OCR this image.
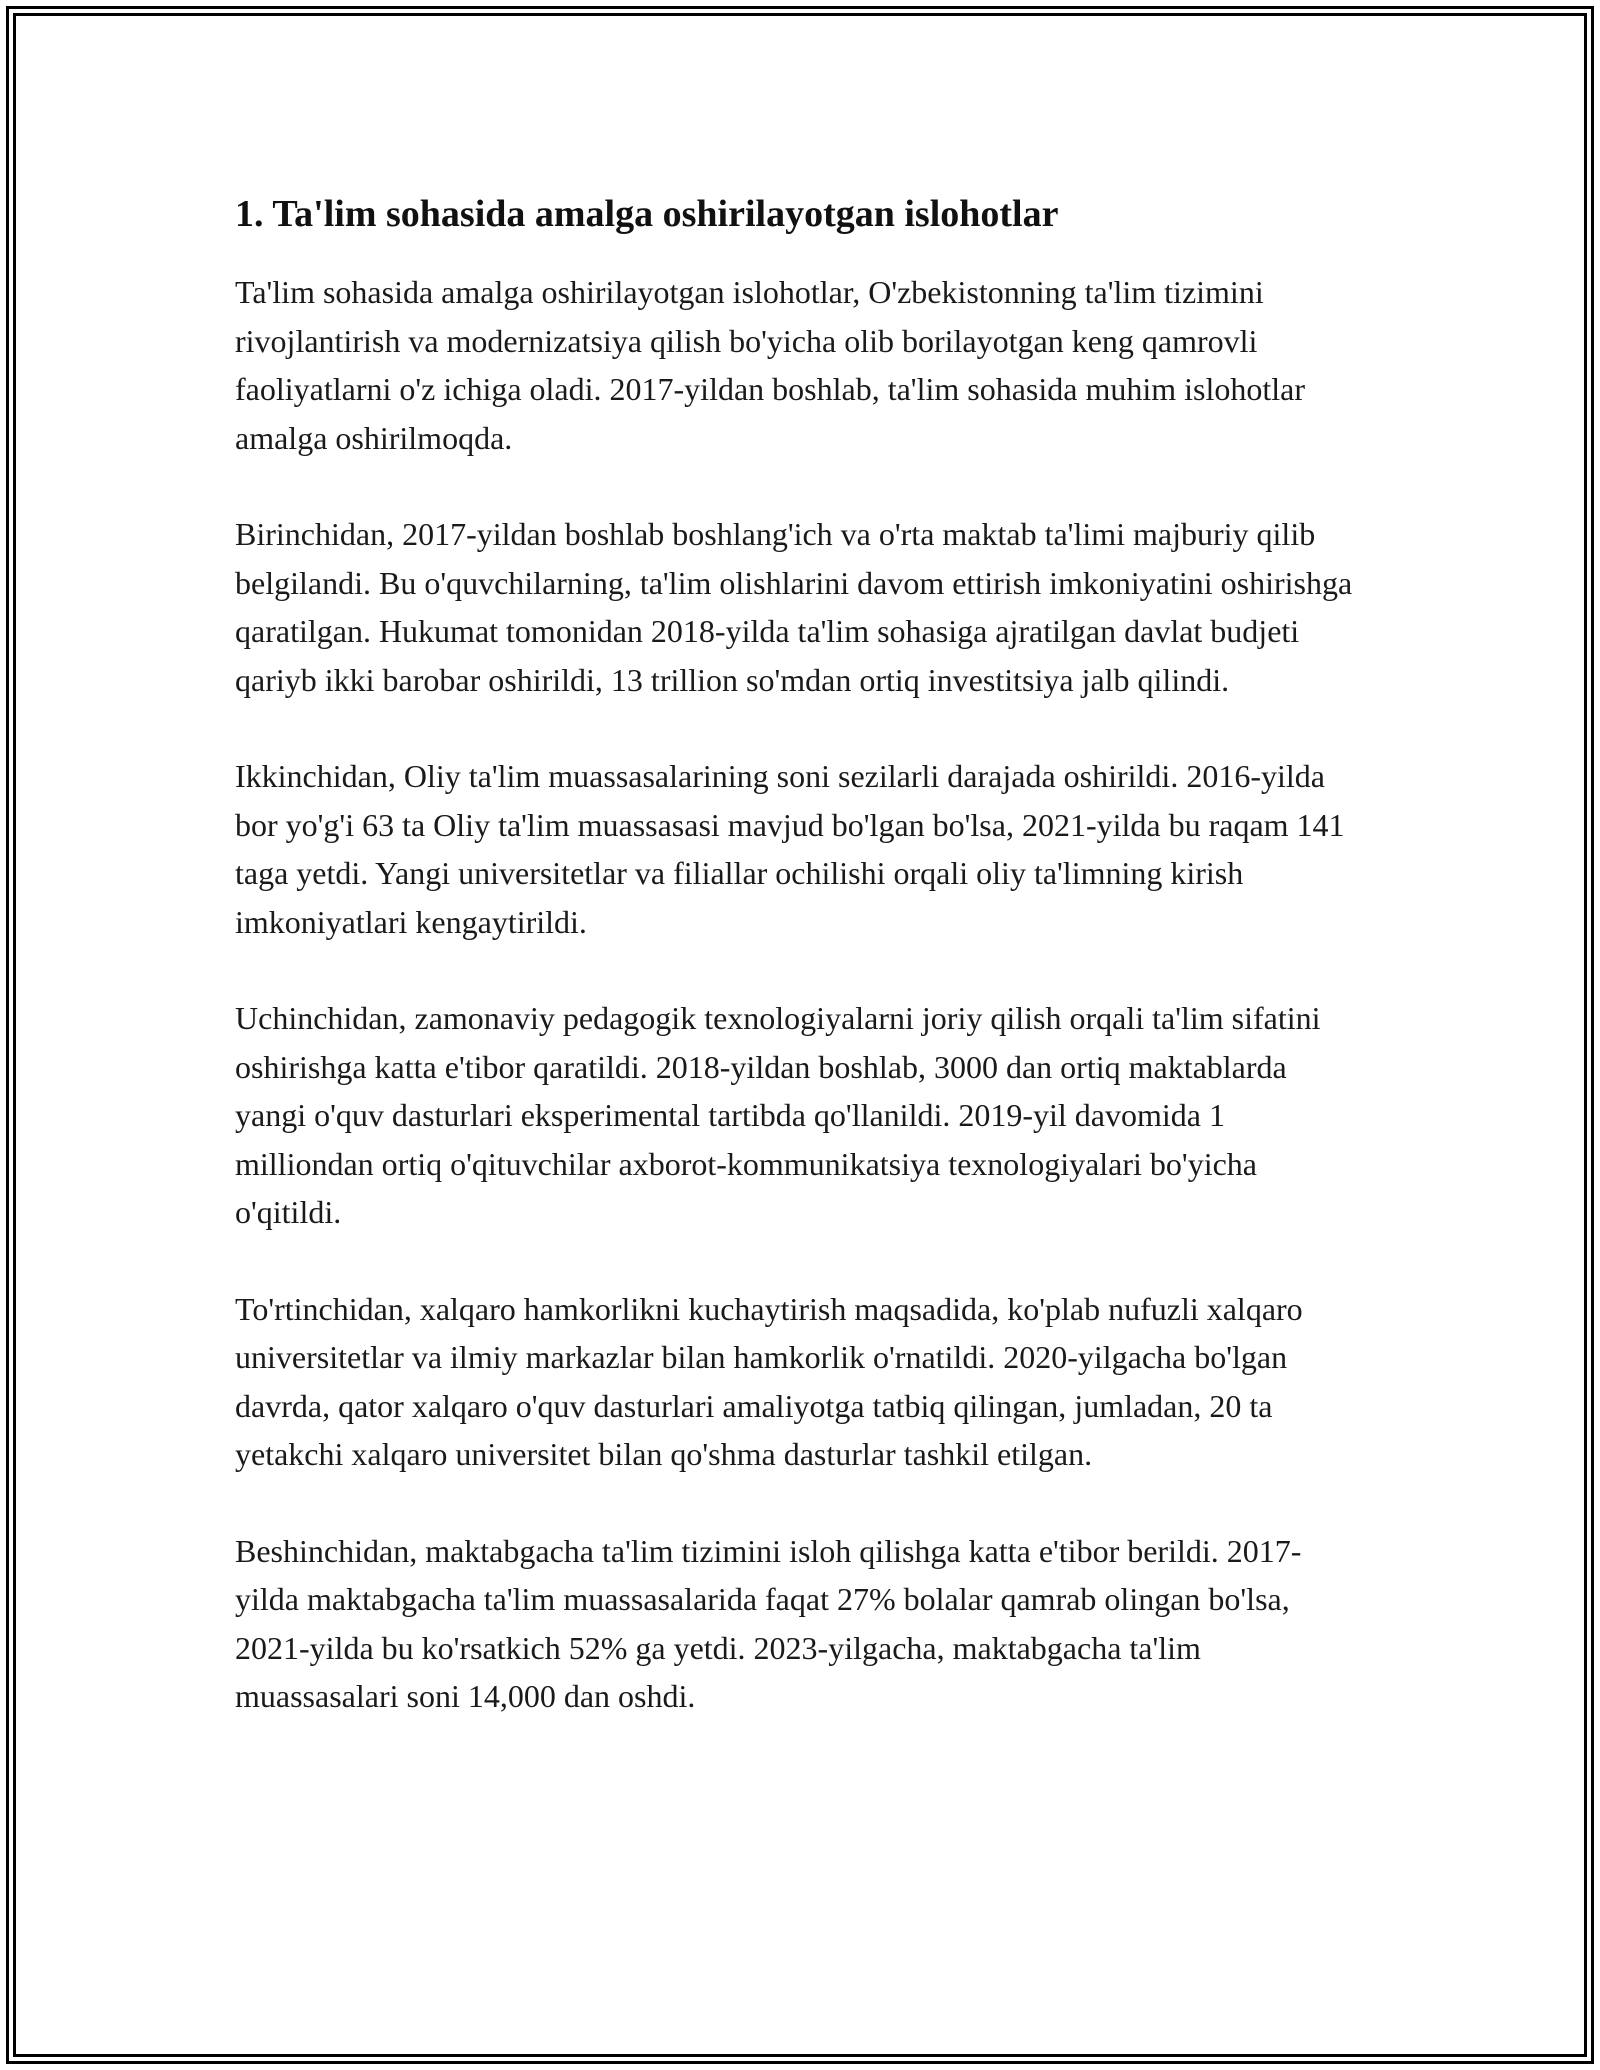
1. Ta'lim sohasida amalga oshirilayotgan islohotlar

Ta'lim sohasida amalga oshirilayotgan islohotlar, O'zbekistonning ta'lim tizimini rivojlantirish va modernizatsiya qilish bo'yicha olib borilayotgan keng qamrovli faoliyatlarni o'z ichiga oladi. 2017-yildan boshlab, ta'lim sohasida muhim islohotlar amalga oshirilmoqda.

Birinchidan, 2017-yildan boshlab boshlang'ich va o'rta maktab ta'limi majburiy qilib belgilandi. Bu o'quvchilarning, ta'lim olishlarini davom ettirish imkoniyatini oshirishga qaratilgan. Hukumat tomonidan 2018-yilda ta'lim sohasiga ajratilgan davlat budjeti qariyb ikki barobar oshirildi, 13 trillion so'mdan ortiq investitsiya jalb qilindi.

Ikkinchidan, Oliy ta'lim muassasalarining soni sezilarli darajada oshirildi. 2016-yilda bor yo'g'i 63 ta Oliy ta'lim muassasasi mavjud bo'lgan bo'lsa, 2021-yilda bu raqam 141 taga yetdi. Yangi universitetlar va filiallar ochilishi orqali oliy ta'limning kirish imkoniyatlari kengaytirildi.

Uchinchidan, zamonaviy pedagogik texnologiyalarni joriy qilish orqali ta'lim sifatini oshirishga katta e'tibor qaratildi. 2018-yildan boshlab, 3000 dan ortiq maktablarda yangi o'quv dasturlari eksperimental tartibda qo'llanildi. 2019-yil davomida 1 milliondan ortiq o'qituvchilar axborot-kommunikatsiya texnologiyalari bo'yicha o'qitildi.

To'rtinchidan, xalqaro hamkorlikni kuchaytirish maqsadida, ko'plab nufuzli xalqaro universitetlar va ilmiy markazlar bilan hamkorlik o'rnatildi. 2020-yilgacha bo'lgan davrda, qator xalqaro o'quv dasturlari amaliyotga tatbiq qilingan, jumladan, 20 ta yetakchi xalqaro universitet bilan qo'shma dasturlar tashkil etilgan.

Beshinchidan, maktabgacha ta'lim tizimini isloh qilishga katta e'tibor berildi. 2017-yilda maktabgacha ta'lim muassasalarida faqat 27% bolalar qamrab olingan bo'lsa, 2021-yilda bu ko'rsatkich 52% ga yetdi. 2023-yilgacha, maktabgacha ta'lim muassasalari soni 14,000 dan oshdi.
